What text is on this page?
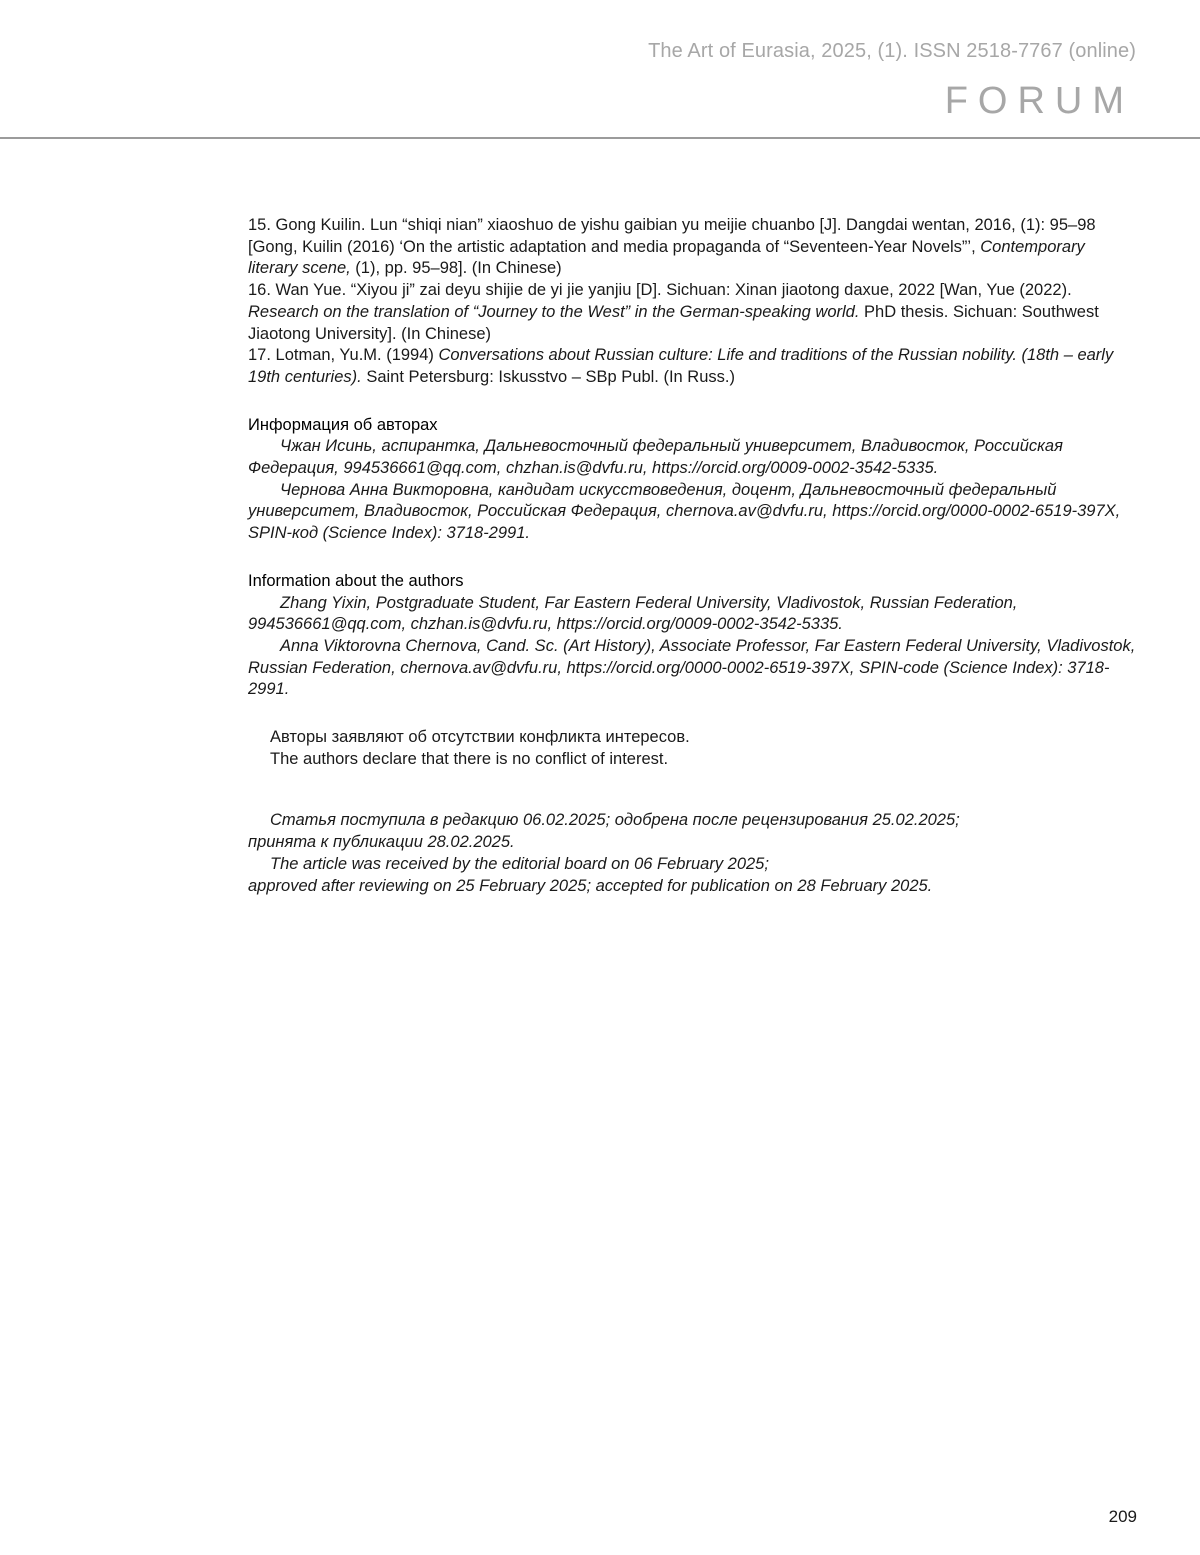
The Art of Eurasia, 2025, (1). ISSN 2518-7767 (online)
FORUM

15. Gong Kuilin. Lun “shiqi nian” xiaoshuo de yishu gaibian yu meijie chuanbo [J]. Dangdai wentan, 2016, (1): 95–98 [Gong, Kuilin (2016) ‘On the artistic adaptation and media propaganda of “Seventeen-Year Novels”’, Contemporary literary scene, (1), pp. 95–98]. (In Chinese)

16. Wan Yue. “Xiyou ji” zai deyu shijie de yi jie yanjiu [D]. Sichuan: Xinan jiaotong daxue, 2022 [Wan, Yue (2022). Research on the translation of “Journey to the West” in the German-speaking world. PhD thesis. Sichuan: Southwest Jiaotong University]. (In Chinese)

17. Lotman, Yu.M. (1994) Conversations about Russian culture: Life and traditions of the Russian nobility. (18th – early 19th centuries). Saint Petersburg: Iskusstvo – SBp Publ. (In Russ.)

Информация об авторах

Чжан Исинь, аспирантка, Дальневосточный федеральный университет, Владивосток, Российская Федерация, 994536661@qq.com, chzhan.is@dvfu.ru, https://orcid.org/0009-0002-3542-5335.

Чернова Анна Викторовна, кандидат искусствоведения, доцент, Дальневосточный федеральный университет, Владивосток, Российская Федерация, chernova.av@dvfu.ru, https://orcid.org/0000-0002-6519-397X, SPIN-код (Science Index): 3718-2991.

Information about the authors

Zhang Yixin, Postgraduate Student, Far Eastern Federal University, Vladivostok, Russian Federation, 994536661@qq.com, chzhan.is@dvfu.ru, https://orcid.org/0009-0002-3542-5335.

Anna Viktorovna Chernova, Cand. Sc. (Art History), Associate Professor, Far Eastern Federal University, Vladivostok, Russian Federation, chernova.av@dvfu.ru, https://orcid.org/0000-0002-6519-397X, SPIN-code (Science Index): 3718-2991.

Авторы заявляют об отсутствии конфликта интересов.

The authors declare that there is no conflict of interest.

Статья поступила в редакцию 06.02.2025; одобрена после рецензирования 25.02.2025;

принята к публикации 28.02.2025.

The article was received by the editorial board on 06 February 2025;

approved after reviewing on 25 February 2025; accepted for publication on 28 February 2025.

209
